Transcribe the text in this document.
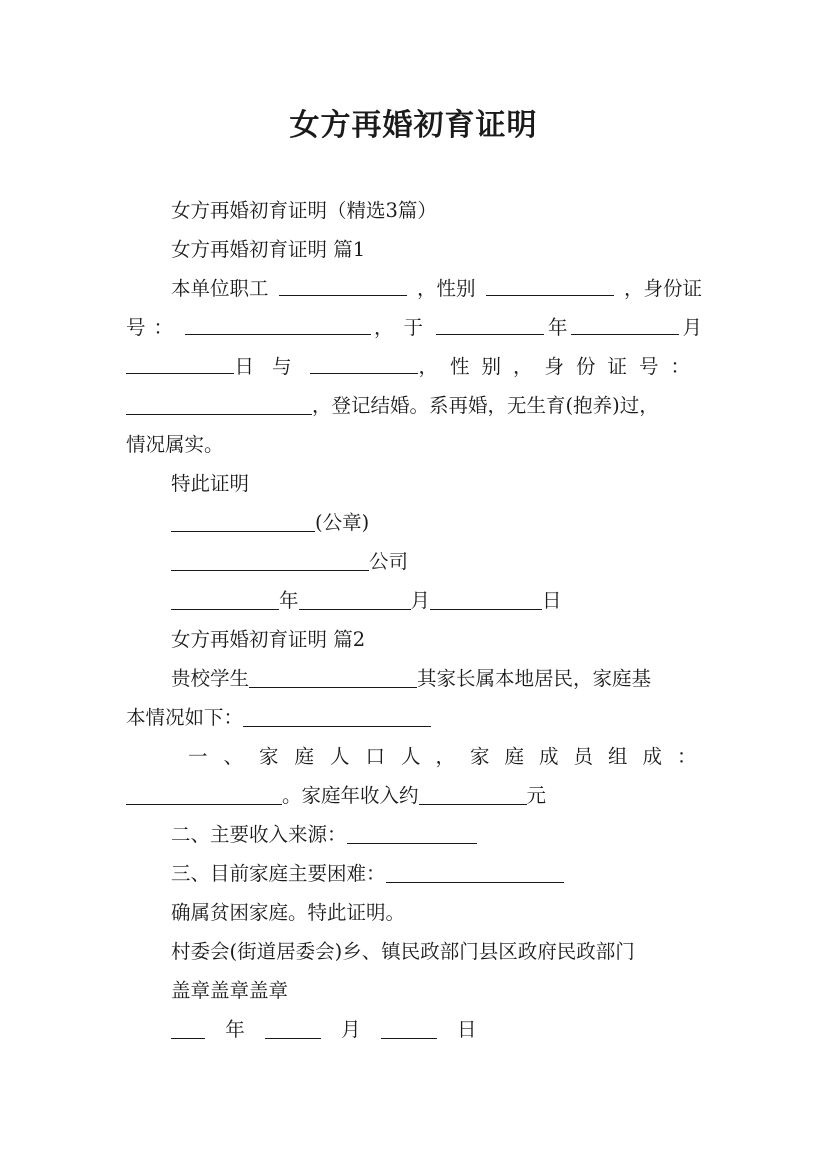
女方再婚初育证明
女方再婚初育证明（精选3篇）
女方再婚初育证明 篇1
本单位职工	，性别	，身份证
号：	，于	年	月
日与	，性别，身份证号：
，登记结婚。系再婚，无生育(抱养)过，
情况属实。
特此证明
(公章)
公司
年	月	日
女方再婚初育证明 篇2
贵校学生	其家长属本地居民，家庭基
本情况如下：
一、家庭人口 人，家庭成员组成：
。家庭年收入约	元
二、主要收入来源：
三、目前家庭主要困难：
确属贫困家庭。特此证明。
村委会(街道居委会)乡、镇民政部门县区政府民政部门
盖章盖章盖章
年	月	日
